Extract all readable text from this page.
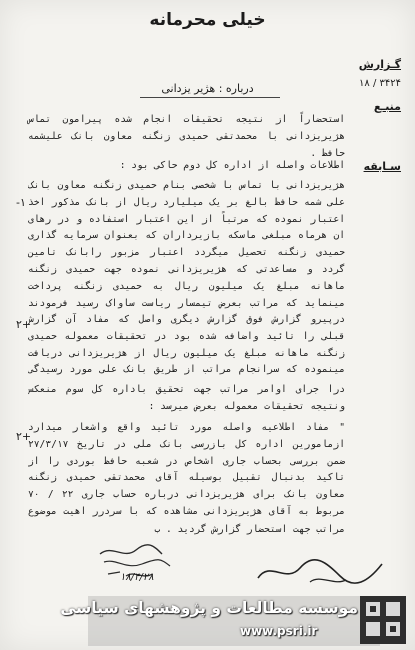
خیلی محرمانه
گـزارش
۳۴۲۴ / ۱۸
منبـع
سـابقه
درباره : هژیر یزدانی
استحضاراً از نتیجه تحقیقات انجام شده پیرامون تماس هژیریزدانی با محمدتقی حمیدی زنگنه معاون بانک علیشمه حافظ .
اطلاعات واصله از اداره کل دوم حاکی بود :
-۱
هژیریزدانی با تماس با شخصی بنام حمیدی زنگنه معاون بانک علی شمه حافظ بالغ بر یک میلیارد ریال از بانک مذکور اخذ اعتبار نموده که مرتباً از این اعتبار استفاده و در رهای ان هرماه مبلغی ماسکه بازیرداران که بعنوان سرمایه گذاری حمیدی زنگنه تحصیل میگردد اعتبار مزبور رابانک تامین گردد و مساعدتی که هژیریزدانی نموده جهت حمیدی زنگنه ماهانه مبلغ یک میلیون ریال به حمیدی زنگنه پرداخت مینماید که مراتب بعرض تیمسار ریاست ساواک رسید فرمودند
۲+	درپیرو گزارش فوق گزارش دیگری واصل که مفاد آن گزارش قبلی را تائید واضافه شده بود در تحقیقات معموله حمیدی زنگنه ماهانه مبلغ یک میلیون ریال از هژیریزدانی دریافت مینموده که سرانجام مراتب از طریق بانک علی مورد رسیدگی
درا جرای اوامر مراتب جهت تحقیق باداره کل سوم منعکس ونتیجه تحقیقات معموله بعرض میرسد :
۲+
" مفاد اطلاعیه واصله مورد تائید واقع واشعار میدارد ازمامورین اداره کل بازرسی بانک ملی در تاریخ ۲۷/۳/۱۷ ضمن بررسی بحساب جاری اشخاص در شعبه حافظ بوردی را از تاکید بدنبال تقبیل بوسیله آقای محمدتقی حمیدی زنگنه معاون بانک برای هژیریزدانی درباره حساب جاری ۲۲ / ۷۰ مربوط به آقای هژیریزدانی مشاهده که با سردرر اهیت موضوع
مراتب جهت استحضار گزارش گردید . ب
۱۸/۴/۲۸
موسسه مطالعات و پژوهشهای سیاسی
www.psri.ir
